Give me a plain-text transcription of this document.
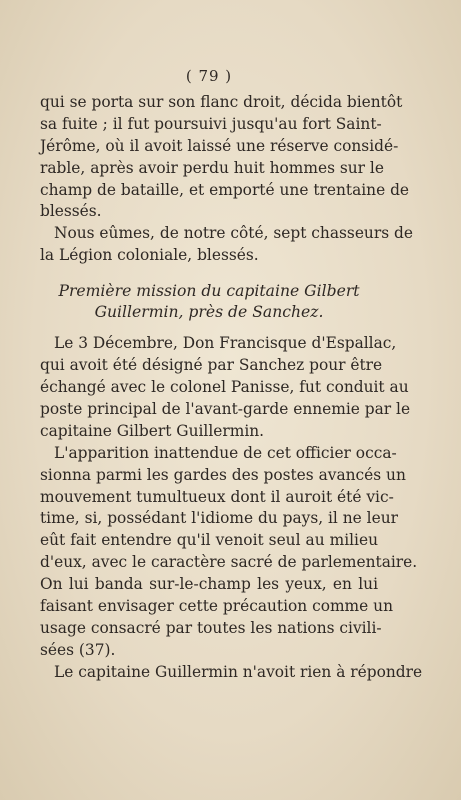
( 79 )

qui se porta sur son flanc droit, décida bientôt
sa fuite ; il fut poursuivi jusqu'au fort Saint-
Jérôme, où il avoit laissé une réserve considé-
rable, après avoir perdu huit hommes sur le
champ de bataille, et emporté une trentaine de
blessés.

Nous eûmes, de notre côté, sept chasseurs de
la Légion coloniale, blessés.

Première mission du capitaine Gilbert
Guillermin, près de Sanchez.

Le 3 Décembre, Don Francisque d'Espallac,
qui avoit été désigné par Sanchez pour être
échangé avec le colonel Panisse, fut conduit au
poste principal de l'avant-garde ennemie par le
capitaine Gilbert Guillermin.

L'apparition inattendue de cet officier occa-
sionna parmi les gardes des postes avancés un
mouvement tumultueux dont il auroit été vic-
time, si, possédant l'idiome du pays, il ne leur
eût fait entendre qu'il venoit seul au milieu
d'eux, avec le caractère sacré de parlementaire.
On lui banda sur-le-champ les yeux, en lui
faisant envisager cette précaution comme un
usage consacré par toutes les nations civili-
sées (37).

Le capitaine Guillermin n'avoit rien à répondre
